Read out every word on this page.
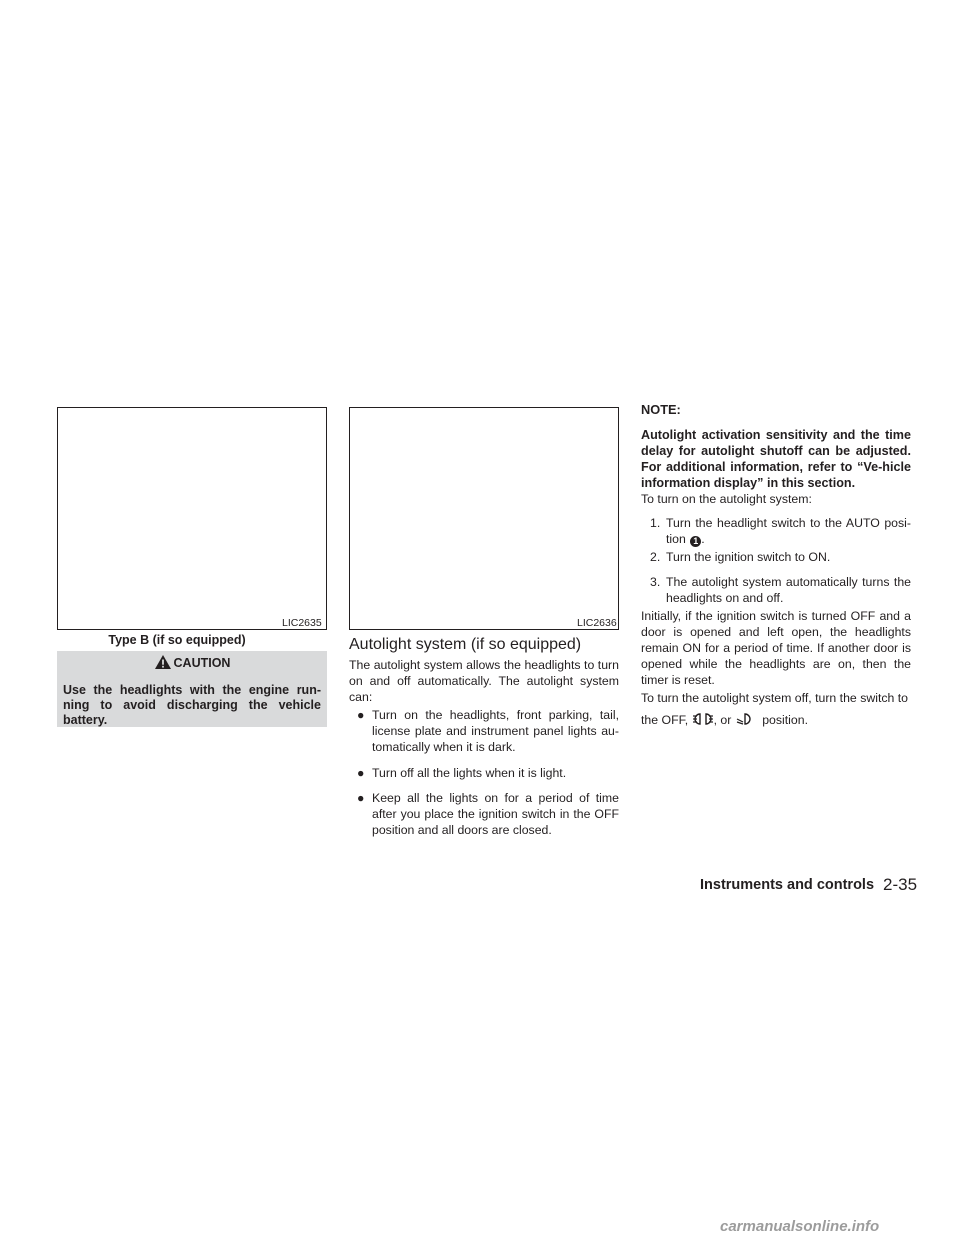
LIC2635
Type B (if so equipped)
CAUTION
Use the headlights with the engine run-ning to avoid discharging the vehicle battery.
LIC2636
Autolight system (if so equipped)

The autolight system allows the headlights to turn on and off automatically. The autolight system can:

● Turn on the headlights, front parking, tail, license plate and instrument panel lights au-tomatically when it is dark.
● Turn off all the lights when it is light.
● Keep all the lights on for a period of time after you place the ignition switch in the OFF position and all doors are closed.
NOTE:

Autolight activation sensitivity and the time delay for autolight shutoff can be adjusted. For additional information, refer to “Ve-hicle information display” in this section.

To turn on the autolight system:

1. Turn the headlight switch to the AUTO posi-tion 1 .
2. Turn the ignition switch to ON.
3. The autolight system automatically turns the headlights on and off.

Initially, if the ignition switch is turned OFF and a door is opened and left open, the headlights remain ON for a period of time. If another door is opened while the headlights are on, then the timer is reset.

To turn the autolight system off, turn the switch to

the OFF, , or	position.
Instruments and controls 2-35
carmanualsonline.info
